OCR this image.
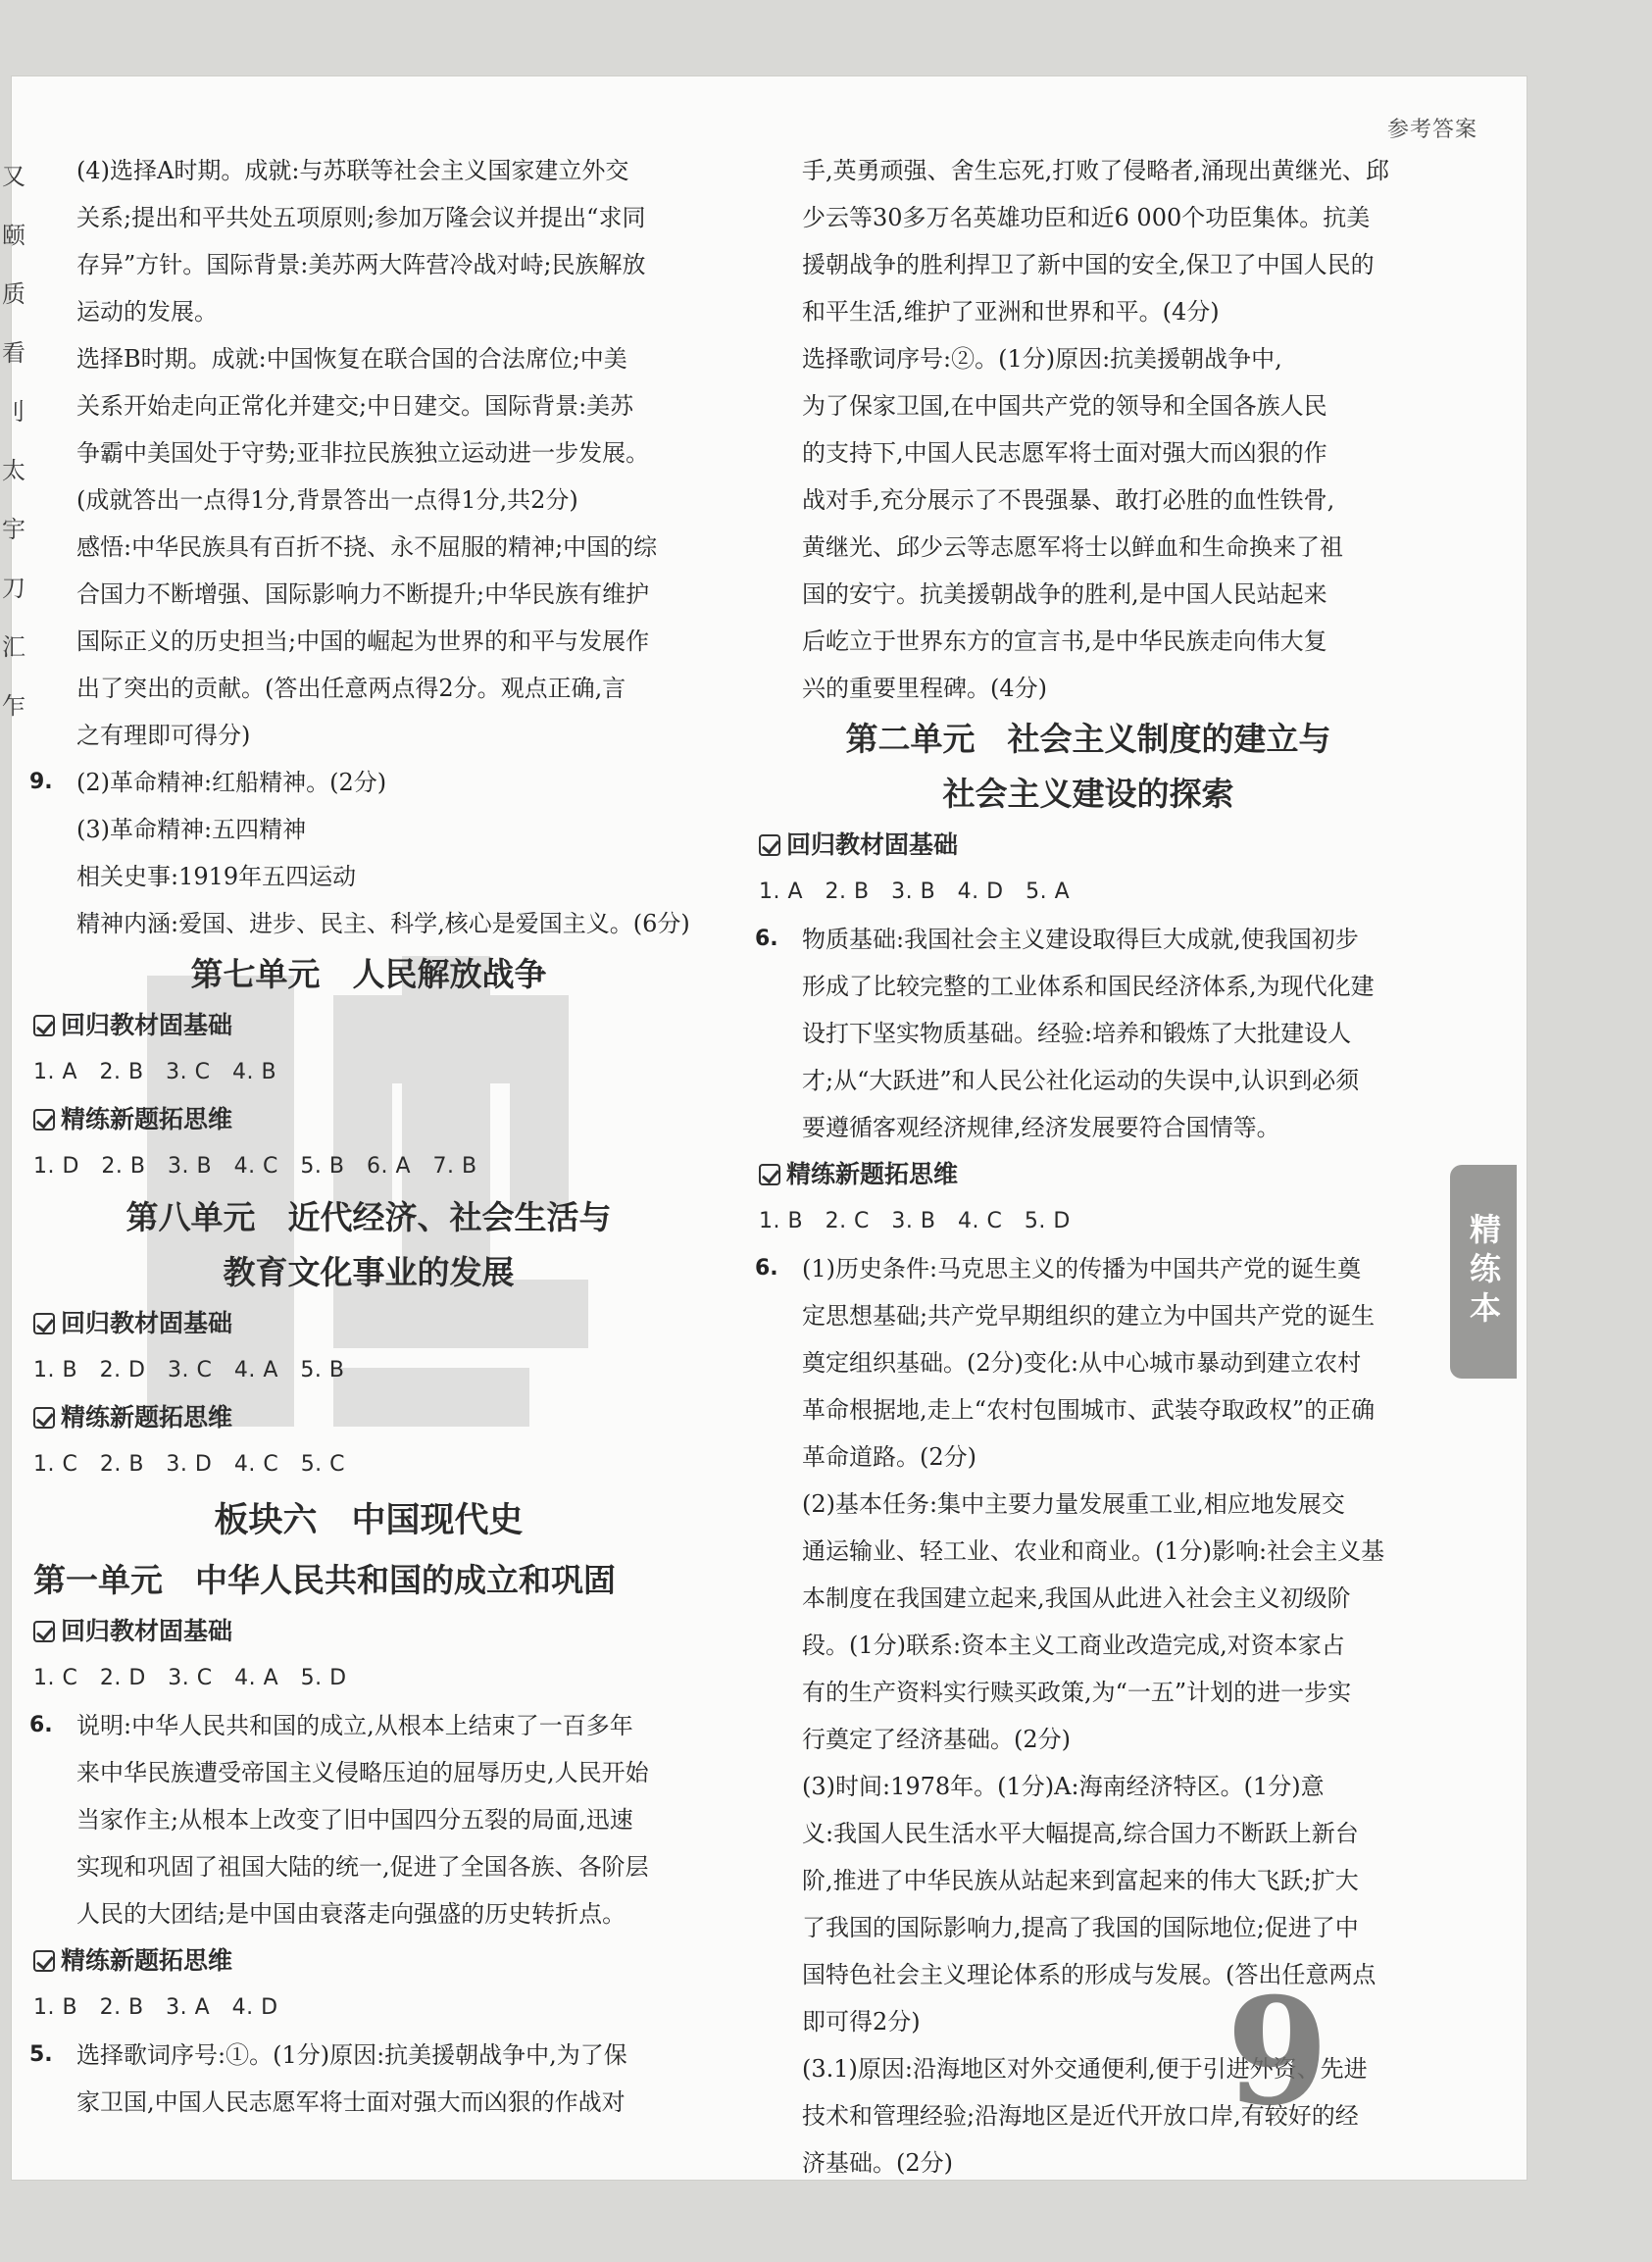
参考答案
又颐质看刂太宇刀汇乍

(4)选择A时期。成就:与苏联等社会主义国家建立外交

关系;提出和平共处五项原则;参加万隆会议并提出“求同

存异”方针。国际背景:美苏两大阵营冷战对峙;民族解放

运动的发展。

选择B时期。成就:中国恢复在联合国的合法席位;中美

关系开始走向正常化并建交;中日建交。国际背景:美苏

争霸中美国处于守势;亚非拉民族独立运动进一步发展。

(成就答出一点得1分,背景答出一点得1分,共2分)

感悟:中华民族具有百折不挠、永不屈服的精神;中国的综

合国力不断增强、国际影响力不断提升;中华民族有维护

国际正义的历史担当;中国的崛起为世界的和平与发展作

出了突出的贡献。(答出任意两点得2分。观点正确,言

之有理即可得分)

9.	(2)革命精神:红船精神。(2分)

(3)革命精神:五四精神

相关史事:1919年五四运动

精神内涵:爱国、进步、民主、科学,核心是爱国主义。(6分)

第七单元　人民解放战争

回归教材固基础

1. A　2. B　3. C　4. B

精练新题拓思维

1. D　2. B　3. B　4. C　5. B　6. A　7. B

第八单元　近代经济、社会生活与

教育文化事业的发展

回归教材固基础

1. B　2. D　3. C　4. A　5. B

精练新题拓思维

1. C　2. B　3. D　4. C　5. C

板块六　中国现代史

第一单元　中华人民共和国的成立和巩固

回归教材固基础

1. C　2. D　3. C　4. A　5. D

6.	说明:中华人民共和国的成立,从根本上结束了一百多年

来中华民族遭受帝国主义侵略压迫的屈辱历史,人民开始

当家作主;从根本上改变了旧中国四分五裂的局面,迅速

实现和巩固了祖国大陆的统一,促进了全国各族、各阶层

人民的大团结;是中国由衰落走向强盛的历史转折点。

精练新题拓思维

1. B　2. B　3. A　4. D

5.	选择歌词序号:①。(1分)原因:抗美援朝战争中,为了保

家卫国,中国人民志愿军将士面对强大而凶狠的作战对

手,英勇顽强、舍生忘死,打败了侵略者,涌现出黄继光、邱

少云等30多万名英雄功臣和近6 000个功臣集体。抗美

援朝战争的胜利捍卫了新中国的安全,保卫了中国人民的

和平生活,维护了亚洲和世界和平。(4分)

选择歌词序号:②。(1分)原因:抗美援朝战争中,

为了保家卫国,在中国共产党的领导和全国各族人民

的支持下,中国人民志愿军将士面对强大而凶狠的作

战对手,充分展示了不畏强暴、敢打必胜的血性铁骨,

黄继光、邱少云等志愿军将士以鲜血和生命换来了祖

国的安宁。抗美援朝战争的胜利,是中国人民站起来

后屹立于世界东方的宣言书,是中华民族走向伟大复

兴的重要里程碑。(4分)

第二单元　社会主义制度的建立与

社会主义建设的探索

回归教材固基础

1. A　2. B　3. B　4. D　5. A

6.	物质基础:我国社会主义建设取得巨大成就,使我国初步

形成了比较完整的工业体系和国民经济体系,为现代化建

设打下坚实物质基础。经验:培养和锻炼了大批建设人

才;从“大跃进”和人民公社化运动的失误中,认识到必须

要遵循客观经济规律,经济发展要符合国情等。

精练新题拓思维

1. B　2. C　3. B　4. C　5. D

6.	(1)历史条件:马克思主义的传播为中国共产党的诞生奠

定思想基础;共产党早期组织的建立为中国共产党的诞生

奠定组织基础。(2分)变化:从中心城市暴动到建立农村

革命根据地,走上“农村包围城市、武装夺取政权”的正确

革命道路。(2分)

(2)基本任务:集中主要力量发展重工业,相应地发展交

通运输业、轻工业、农业和商业。(1分)影响:社会主义基

本制度在我国建立起来,我国从此进入社会主义初级阶

段。(1分)联系:资本主义工商业改造完成,对资本家占

有的生产资料实行赎买政策,为“一五”计划的进一步实

行奠定了经济基础。(2分)

(3)时间:1978年。(1分)A:海南经济特区。(1分)意

义:我国人民生活水平大幅提高,综合国力不断跃上新台

阶,推进了中华民族从站起来到富起来的伟大飞跃;扩大

了我国的国际影响力,提高了我国的国际地位;促进了中

国特色社会主义理论体系的形成与发展。(答出任意两点

即可得2分)

(3.1)原因:沿海地区对外交通便利,便于引进外资、先进

技术和管理经验;沿海地区是近代开放口岸,有较好的经

济基础。(2分)

精练本
9
